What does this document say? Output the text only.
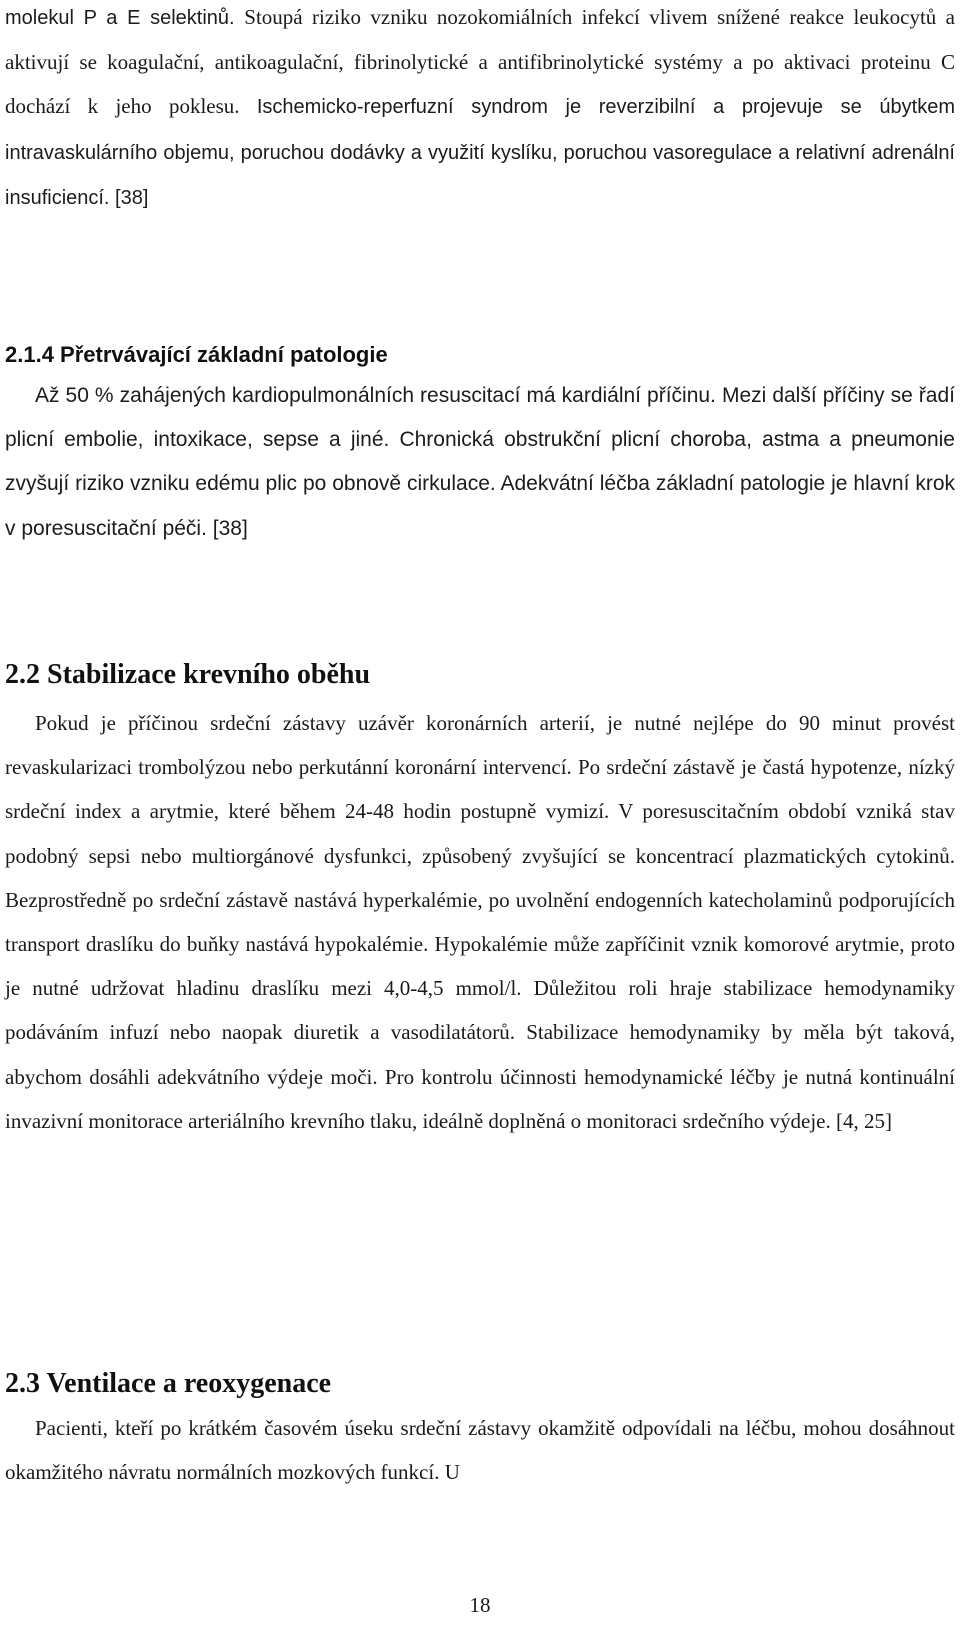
molekul P a E selektinů. Stoupá riziko vzniku nozokomiálních infekcí vlivem snížené reakce leukocytů a aktivují se koagulační, antikoagulační, fibrinolytické a antifibrinolytické systémy a po aktivaci proteinu C dochází k jeho poklesu. Ischemicko-reperfuzní syndrom je reverzibilní a projevuje se úbytkem intravaskulárního objemu, poruchou dodávky a využití kyslíku, poruchou vasoregulace a relativní adrenální insuficiencí. [38]

2.1.4 Přetrvávající základní patologie

Až 50 % zahájených kardiopulmonálních resuscitací má kardiální příčinu. Mezi další příčiny se řadí plicní embolie, intoxikace, sepse a jiné. Chronická obstrukční plicní choroba, astma a pneumonie zvyšují riziko vzniku edému plic po obnově cirkulace. Adekvátní léčba základní patologie je hlavní krok v poresuscitační péči. [38]

2.2 Stabilizace krevního oběhu

Pokud je příčinou srdeční zástavy uzávěr koronárních arterií, je nutné nejlépe do 90 minut provést revaskularizaci trombolýzou nebo perkutánní koronární intervencí. Po srdeční zástavě je častá hypotenze, nízký srdeční index a arytmie, které během 24-48 hodin postupně vymizí. V poresuscitačním období vzniká stav podobný sepsi nebo multiorgánové dysfunkci, způsobený zvyšující se koncentrací plazmatických cytokinů. Bezprostředně po srdeční zástavě nastává hyperkalémie, po uvolnění endogenních katecholaminů podporujících transport draslíku do buňky nastává hypokalémie. Hypokalémie může zapříčinit vznik komorové arytmie, proto je nutné udržovat hladinu draslíku mezi 4,0-4,5 mmol/l. Důležitou roli hraje stabilizace hemodynamiky podáváním infuzí nebo naopak diuretik a vasodilatátorů. Stabilizace hemodynamiky by měla být taková, abychom dosáhli adekvátního výdeje moči. Pro kontrolu účinnosti hemodynamické léčby je nutná kontinuální invazivní monitorace arteriálního krevního tlaku, ideálně doplněná o monitoraci srdečního výdeje. [4, 25]

2.3 Ventilace a reoxygenace

Pacienti, kteří po krátkém časovém úseku srdeční zástavy okamžitě odpovídali na léčbu, mohou dosáhnout okamžitého návratu normálních mozkových funkcí. U

18
